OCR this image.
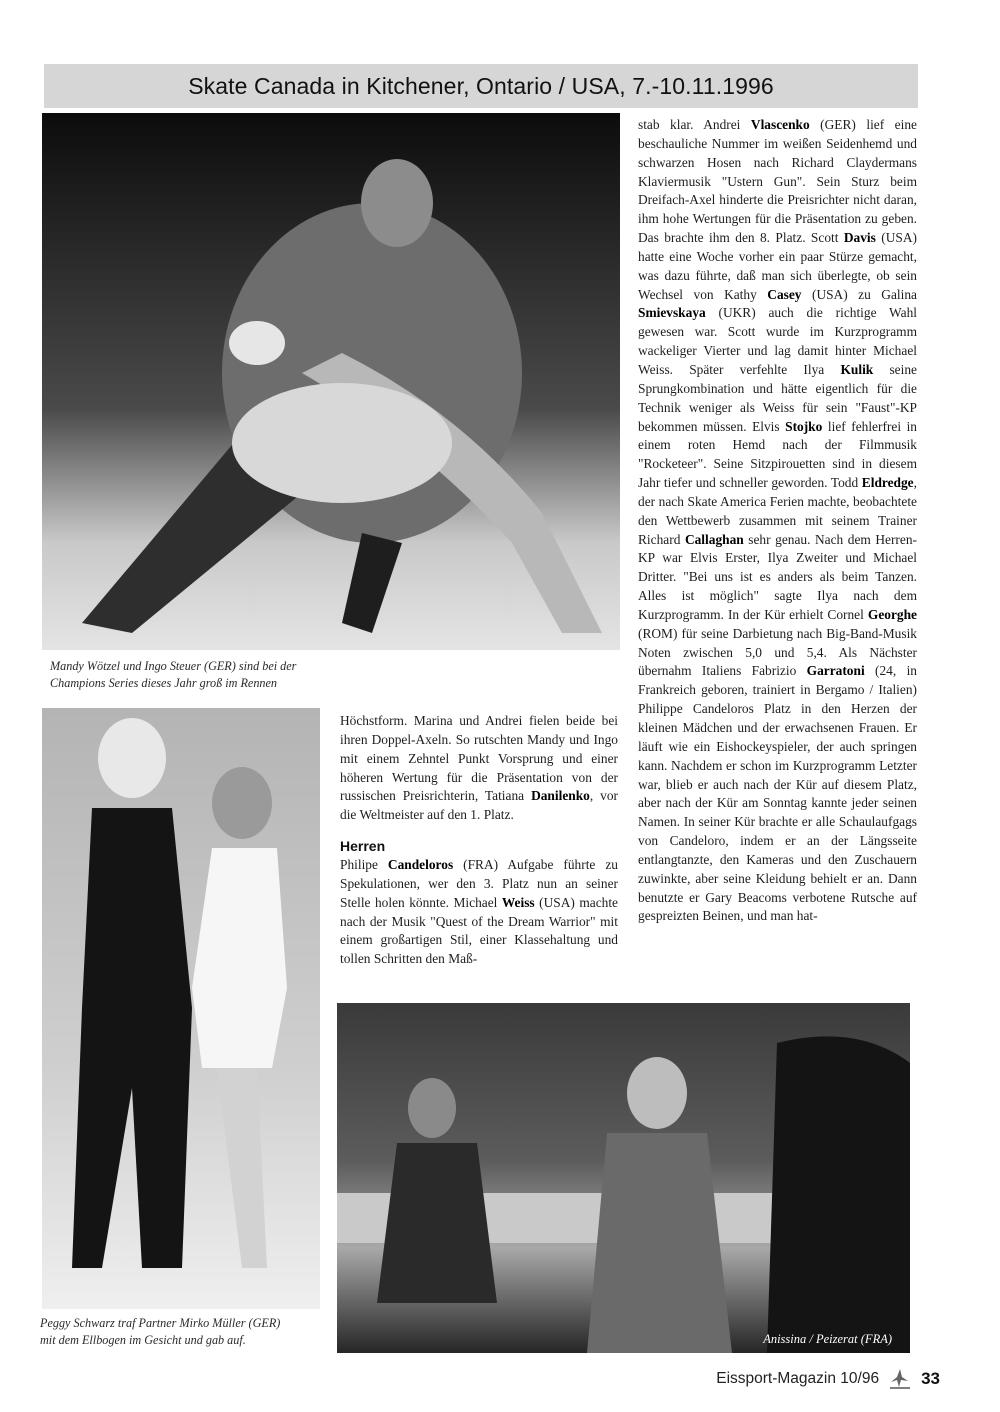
Skate Canada in Kitchener, Ontario / USA, 7.-10.11.1996
Mandy Wötzel und Ingo Steuer (GER) sind bei der
Champions Series dieses Jahr groß im Rennen
Peggy Schwarz traf Partner Mirko Müller (GER)
mit dem Ellbogen im Gesicht und gab auf.

Höchstform. Marina und Andrei fielen beide bei ihren Doppel-Axeln. So rutschten Mandy und Ingo mit einem Zehntel Punkt Vorsprung und einer höheren Wertung für die Präsentation von der russischen Preisrichterin, Tatiana Danilenko, vor die Weltmeister auf den 1. Platz.

Herren

Philipe Candeloros (FRA) Aufgabe führte zu Spekulationen, wer den 3. Platz nun an seiner Stelle holen könnte. Michael Weiss (USA) machte nach der Musik "Quest of the Dream Warrior" mit einem großartigen Stil, einer Klassehaltung und tollen Schritten den Maß-

stab klar. Andrei Vlascenko (GER) lief eine beschauliche Nummer im weißen Seidenhemd und schwarzen Hosen nach Richard Claydermans Klaviermusik "Ustern Gun". Sein Sturz beim Dreifach-Axel hinderte die Preisrichter nicht daran, ihm hohe Wertungen für die Präsentation zu geben. Das brachte ihm den 8. Platz. Scott Davis (USA) hatte eine Woche vorher ein paar Stürze gemacht, was dazu führte, daß man sich überlegte, ob sein Wechsel von Kathy Casey (USA) zu Galina Smievskaya (UKR) auch die richtige Wahl gewesen war. Scott wurde im Kurzprogramm wackeliger Vierter und lag damit hinter Michael Weiss. Später verfehlte Ilya Kulik seine Sprungkombination und hätte eigentlich für die Technik weniger als Weiss für sein "Faust"-KP bekommen müssen. Elvis Stojko lief fehlerfrei in einem roten Hemd nach der Filmmusik "Rocketeer". Seine Sitzpirouetten sind in diesem Jahr tiefer und schneller geworden. Todd Eldredge, der nach Skate America Ferien machte, beobachtete den Wettbewerb zusammen mit seinem Trainer Richard Callaghan sehr genau. Nach dem Herren-KP war Elvis Erster, Ilya Zweiter und Michael Dritter. "Bei uns ist es anders als beim Tanzen. Alles ist möglich" sagte Ilya nach dem Kurzprogramm. In der Kür erhielt Cornel Georghe (ROM) für seine Darbietung nach Big-Band-Musik Noten zwischen 5,0 und 5,4. Als Nächster übernahm Italiens Fabrizio Garratoni (24, in Frankreich geboren, trainiert in Bergamo / Italien) Philippe Candeloros Platz in den Herzen der kleinen Mädchen und der erwachsenen Frauen. Er läuft wie ein Eishockeyspieler, der auch springen kann. Nachdem er schon im Kurzprogramm Letzter war, blieb er auch nach der Kür auf diesem Platz, aber nach der Kür am Sonntag kannte jeder seinen Namen. In seiner Kür brachte er alle Schaulaufgags von Candeloro, indem er an der Längsseite entlangtanzte, den Kameras und den Zuschauern zuwinkte, aber seine Kleidung behielt er an. Dann benutzte er Gary Beacoms verbotene Rutsche auf gespreizten Beinen, und man hat-

Anissina / Peizerat (FRA)
Eissport-Magazin 10/96 33
